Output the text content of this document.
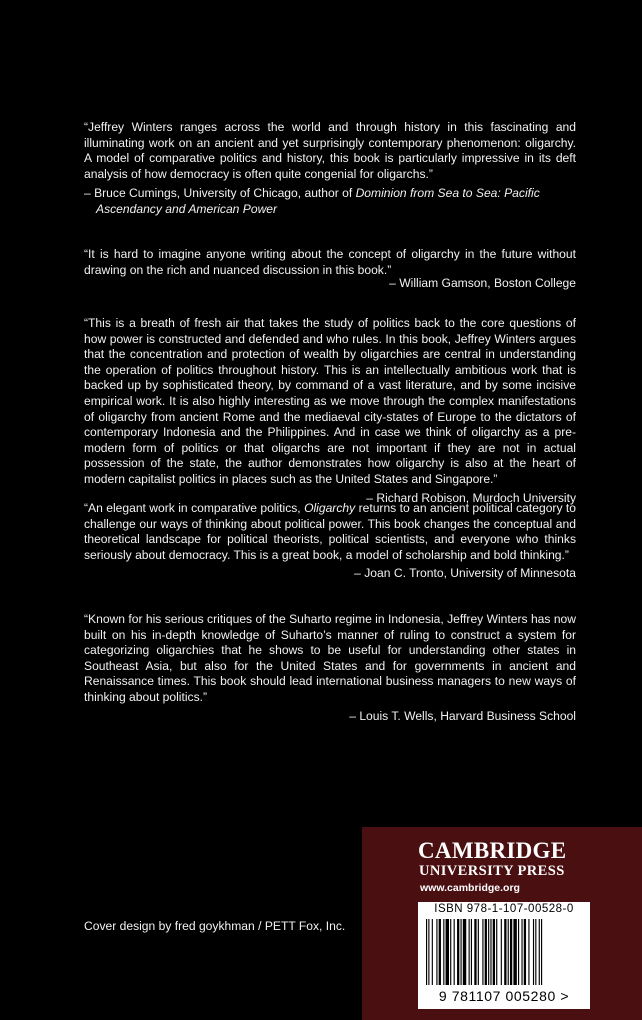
“Jeffrey Winters ranges across the world and through history in this fascinating and illuminating work on an ancient and yet surprisingly contemporary phenomenon: oligarchy. A model of comparative politics and history, this book is particularly impressive in its deft analysis of how democracy is often quite congenial for oligarchs.”

– Bruce Cumings, University of Chicago, author of Dominion from Sea to Sea: Pacific Ascendancy and American Power

“It is hard to imagine anyone writing about the concept of oligarchy in the future without drawing on the rich and nuanced discussion in this book.”

– William Gamson, Boston College

“This is a breath of fresh air that takes the study of politics back to the core questions of how power is constructed and defended and who rules. In this book, Jeffrey Winters argues that the concentration and protection of wealth by oligarchies are central in understanding the operation of politics throughout history. This is an intellectually ambitious work that is backed up by sophisticated theory, by command of a vast literature, and by some incisive empirical work. It is also highly interesting as we move through the complex manifestations of oligarchy from ancient Rome and the mediaeval city-states of Europe to the dictators of contemporary Indonesia and the Philippines. And in case we think of oligarchy as a pre-modern form of politics or that oligarchs are not important if they are not in actual possession of the state, the author demonstrates how oligarchy is also at the heart of modern capitalist politics in places such as the United States and Singapore.”

– Richard Robison, Murdoch University

“An elegant work in comparative politics, Oligarchy returns to an ancient political category to challenge our ways of thinking about political power. This book changes the conceptual and theoretical landscape for political theorists, political scientists, and everyone who thinks seriously about democracy. This is a great book, a model of scholarship and bold thinking.”

– Joan C. Tronto, University of Minnesota

“Known for his serious critiques of the Suharto regime in Indonesia, Jeffrey Winters has now built on his in-depth knowledge of Suharto’s manner of ruling to construct a system for categorizing oligarchies that he shows to be useful for understanding other states in Southeast Asia, but also for the United States and for governments in ancient and Renaissance times. This book should lead international business managers to new ways of thinking about politics.”

– Louis T. Wells, Harvard Business School
Cover design by fred goykhman / PETT Fox, Inc.
CAMBRIDGE
UNIVERSITY PRESS
www.cambridge.org
ISBN 978-1-107-00528-0
9 781107 005280 >
